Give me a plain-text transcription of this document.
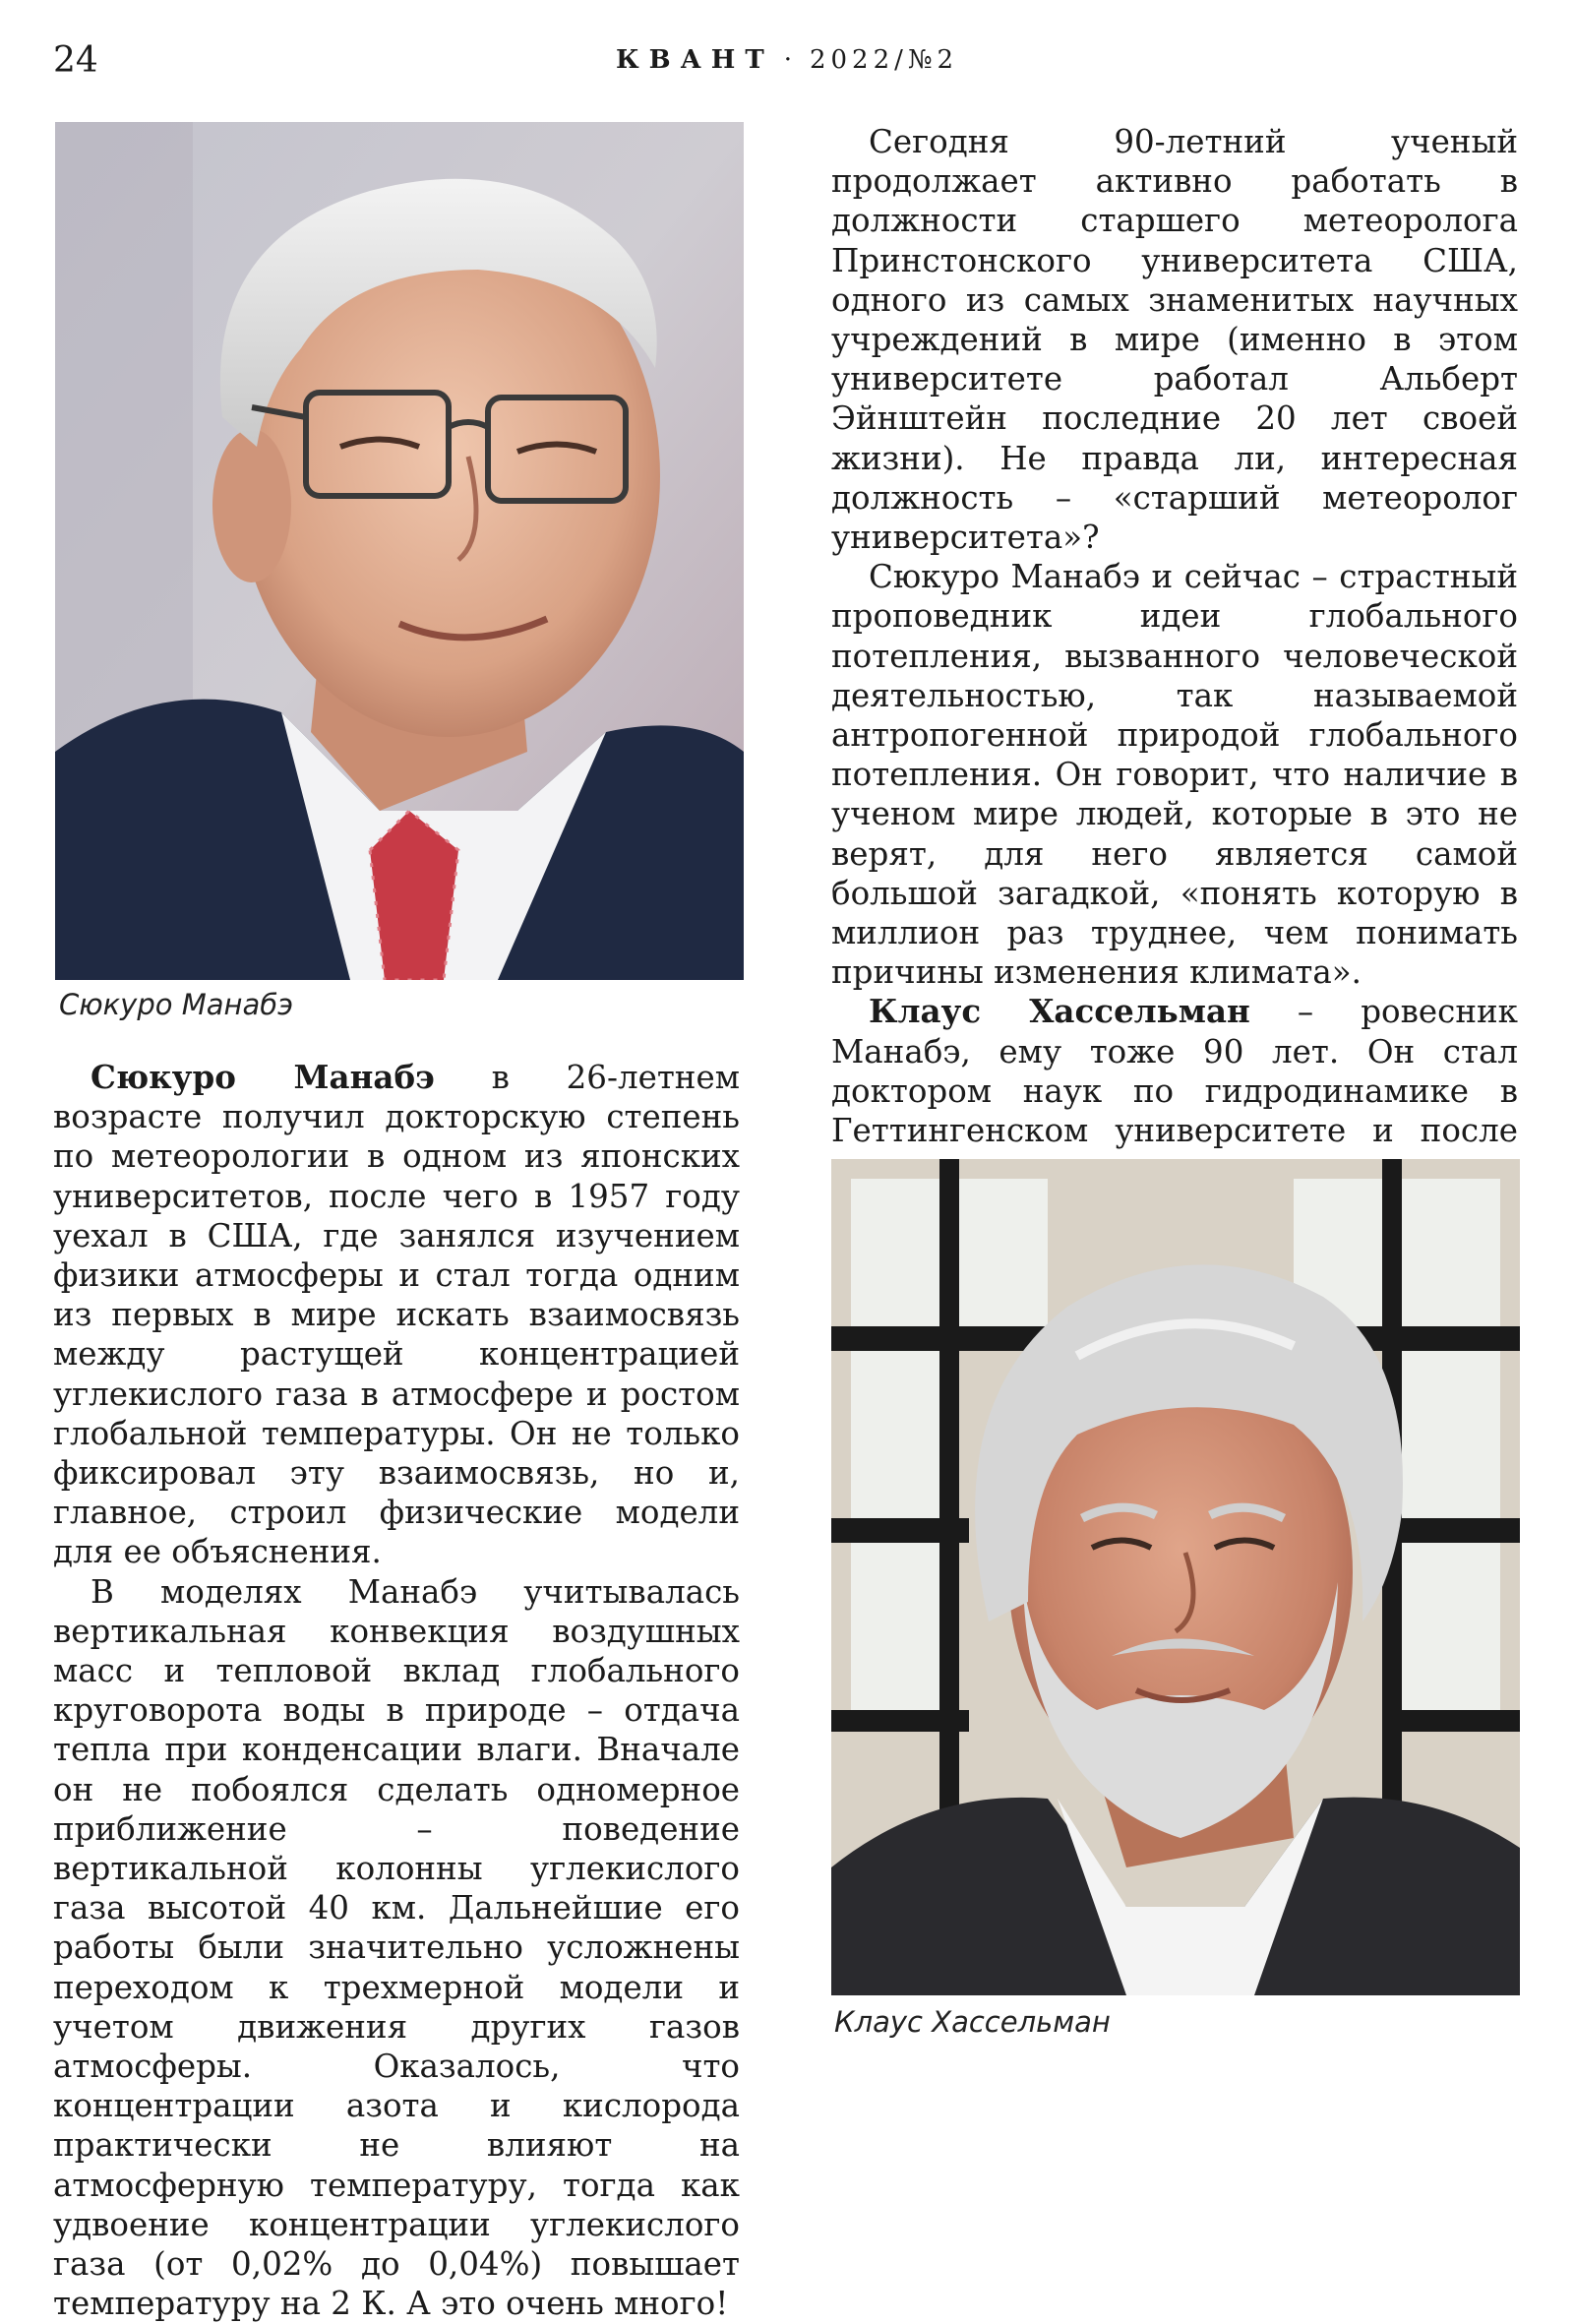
24	КВАНТ · 2022/№2
Сюкуро Манабэ

Сюкуро Манабэ в 26-летнем возрасте получил докторскую степень по метеорологии в одном из японских университетов, после чего в 1957 году уехал в США, где занялся изучением физики атмосферы и стал тогда одним из первых в мире искать взаимосвязь между растущей концентрацией углекислого газа в атмосфере и ростом глобальной температуры. Он не только фиксировал эту взаимосвязь, но и, главное, строил физические модели для ее объяснения.

В моделях Манабэ учитывалась вертикальная конвекция воздушных масс и тепловой вклад глобального круговорота воды в природе – отдача тепла при конденсации влаги. Вначале он не побоялся сделать одномерное приближение – поведение вертикальной колонны углекислого газа высотой 40 км. Дальнейшие его работы были значительно усложнены переходом к трехмерной модели и учетом движения других газов атмосферы. Оказалось, что концентрации азота и кислорода практически не влияют на атмосферную температуру, тогда как удвоение концентрации углекислого газа (от 0,02% до 0,04%) повышает температуру на 2 К. А это очень много!

Сегодня 90-летний ученый продолжает активно работать в должности старшего метеоролога Принстонского университета США, одного из самых знаменитых научных учреждений в мире (именно в этом университете работал Альберт Эйнштейн последние 20 лет своей жизни). Не правда ли, интересная должность – «старший метеоролог университета»?

Сюкуро Манабэ и сейчас – страстный проповедник идеи глобального потепления, вызванного человеческой деятельностью, так называемой антропогенной природой глобального потепления. Он говорит, что наличие в ученом мире людей, которые в это не верят, для него является самой большой загадкой, «понять которую в миллион раз труднее, чем понимать причины изменения климата».

Клаус Хассельман – ровесник Манабэ, ему тоже 90 лет. Он стал доктором наук по гидродинамике в Геттингенском университете и после

Клаус Хассельман
